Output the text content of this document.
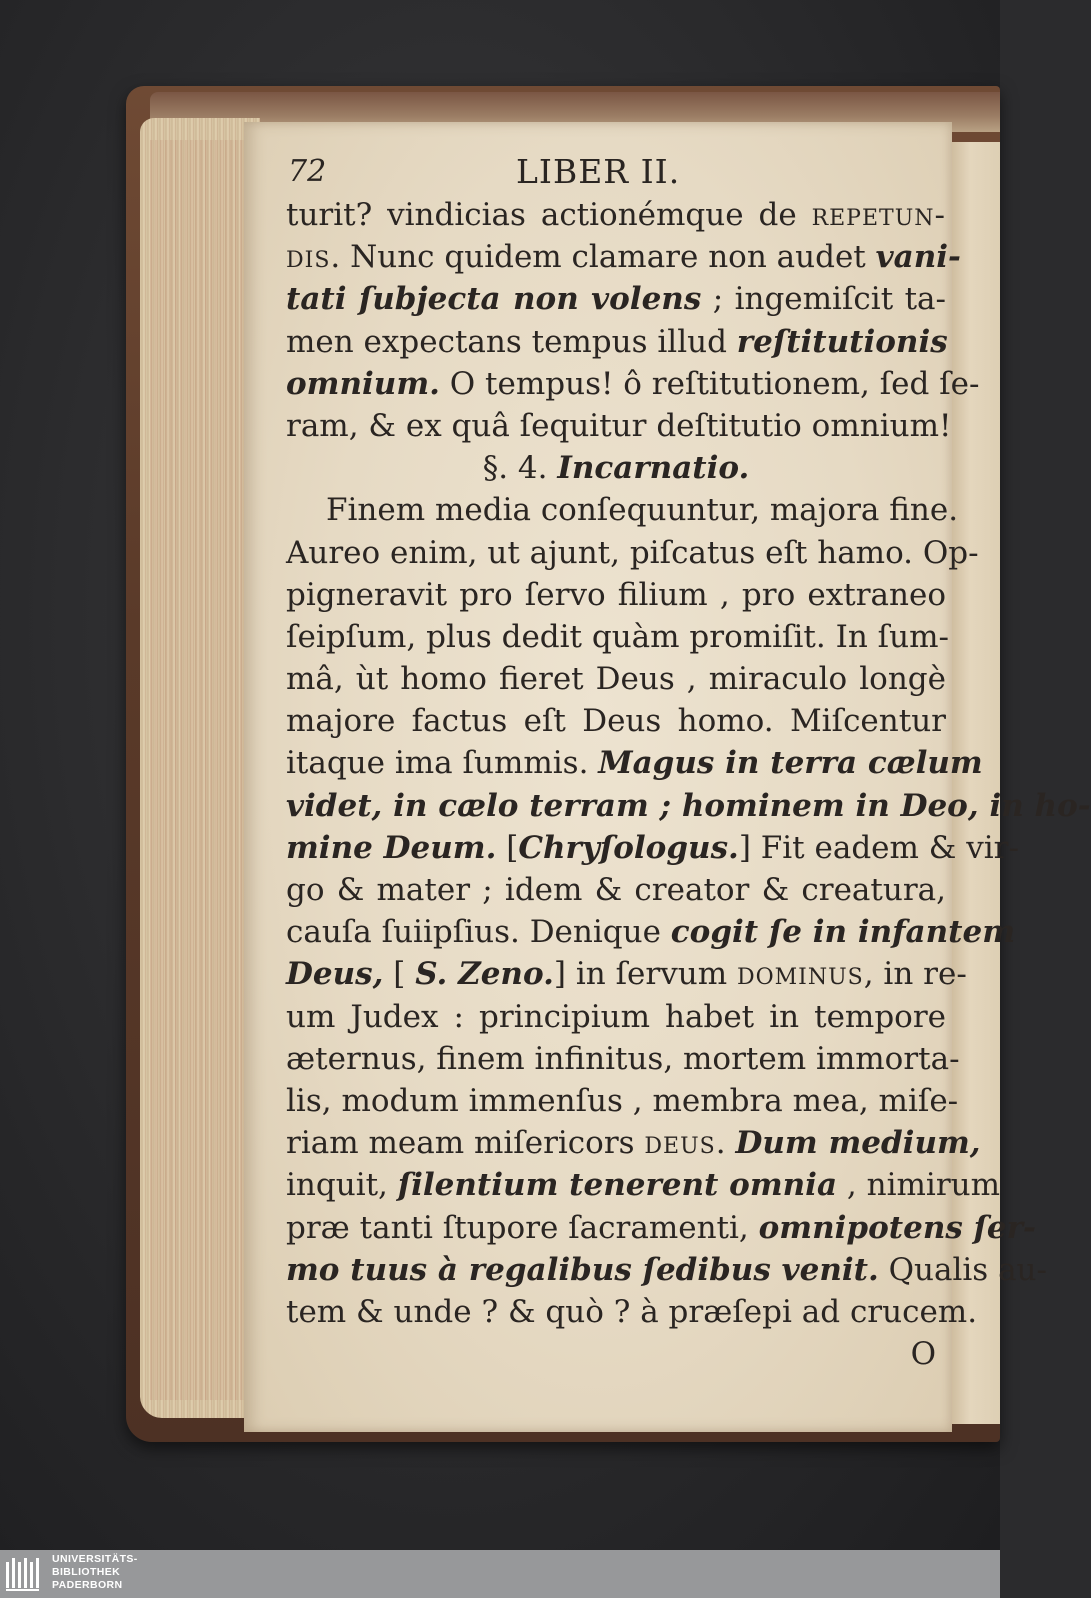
72	LIBER II.
turit? vindicias actionémque de repetun-
dis. Nunc quidem clamare non audet vani-
tati ſubjecta non volens ; ingemiſcit ta-
men expectans tempus illud reſtitutionis
omnium. O tempus! ô reſtitutionem, ſed ſe-
ram, & ex quâ ſequitur deſtitutio omnium!
§. 4. Incarnatio.
Finem media conſequuntur, majora fine.
Aureo enim, ut ajunt, piſcatus eſt hamo. Op-
pigneravit pro ſervo filium , pro extraneo
ſeipſum, plus dedit quàm promiſit. In ſum-
mâ, ùt homo fieret Deus , miraculo longè
majore factus eſt Deus homo. Miſcentur
itaque ima ſummis. Magus in terra cælum
videt, in cælo terram ; hominem in Deo, in ho-
mine Deum. [Chryſologus.] Fit eadem & vir-
go & mater ; idem & creator & creatura,
cauſa ſuiipſius. Denique cogit ſe in infantem
Deus, [ S. Zeno.] in ſervum dominus, in re-
um Judex : principium habet in tempore
æternus, finem infinitus, mortem immorta-
lis, modum immenſus , membra mea, miſe-
riam meam miſericors deus. Dum medium,
inquit, ſilentium tenerent omnia , nimirum
præ tanti ſtupore ſacramenti, omnipotens ſer-
mo tuus à regalibus ſedibus venit. Qualis au-
tem & unde ? & quò ? à præſepi ad crucem.
O
UNIVERSITÄTS-
BIBLIOTHEK
PADERBORN
